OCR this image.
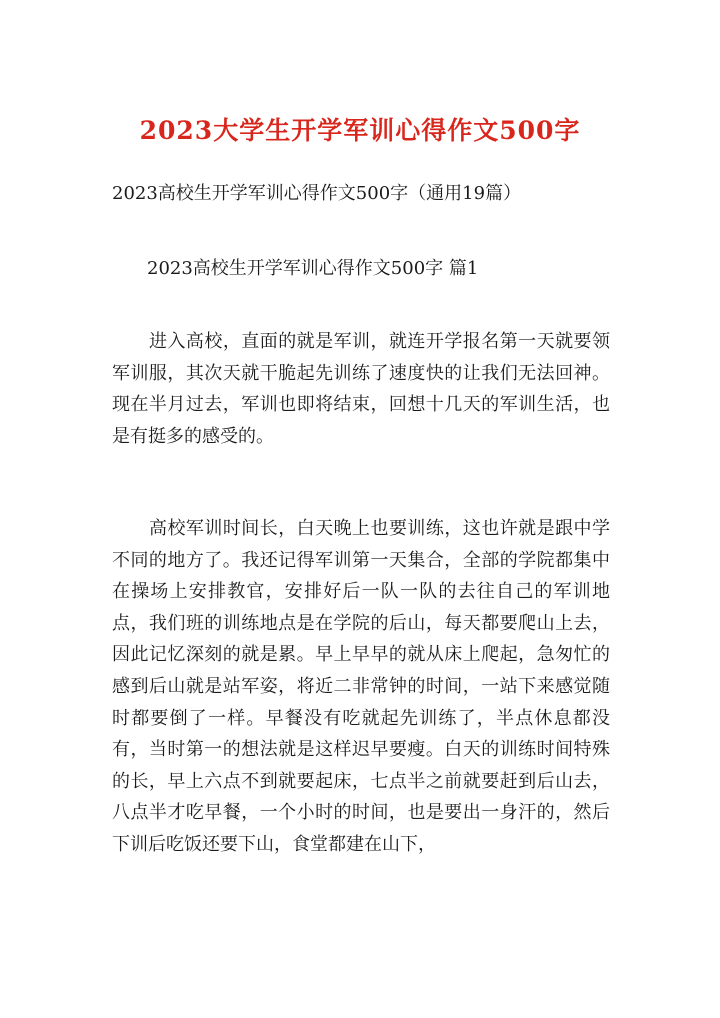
2023大学生开学军训心得作文500字
2023高校生开学军训心得作文500字（通用19篇）
2023高校生开学军训心得作文500字 篇1

进入高校，直面的就是军训，就连开学报名第一天就要领军训服，其次天就干脆起先训练了速度快的让我们无法回神。现在半月过去，军训也即将结束，回想十几天的军训生活，也是有挺多的感受的。

高校军训时间长，白天晚上也要训练，这也许就是跟中学不同的地方了。我还记得军训第一天集合，全部的学院都集中在操场上安排教官，安排好后一队一队的去往自己的军训地点，我们班的训练地点是在学院的后山，每天都要爬山上去，因此记忆深刻的就是累。早上早早的就从床上爬起，急匆忙的感到后山就是站军姿，将近二非常钟的时间，一站下来感觉随时都要倒了一样。早餐没有吃就起先训练了，半点休息都没有，当时第一的想法就是这样迟早要瘦。白天的训练时间特殊的长，早上六点不到就要起床，七点半之前就要赶到后山去，八点半才吃早餐，一个小时的时间，也是要出一身汗的，然后下训后吃饭还要下山，食堂都建在山下，
